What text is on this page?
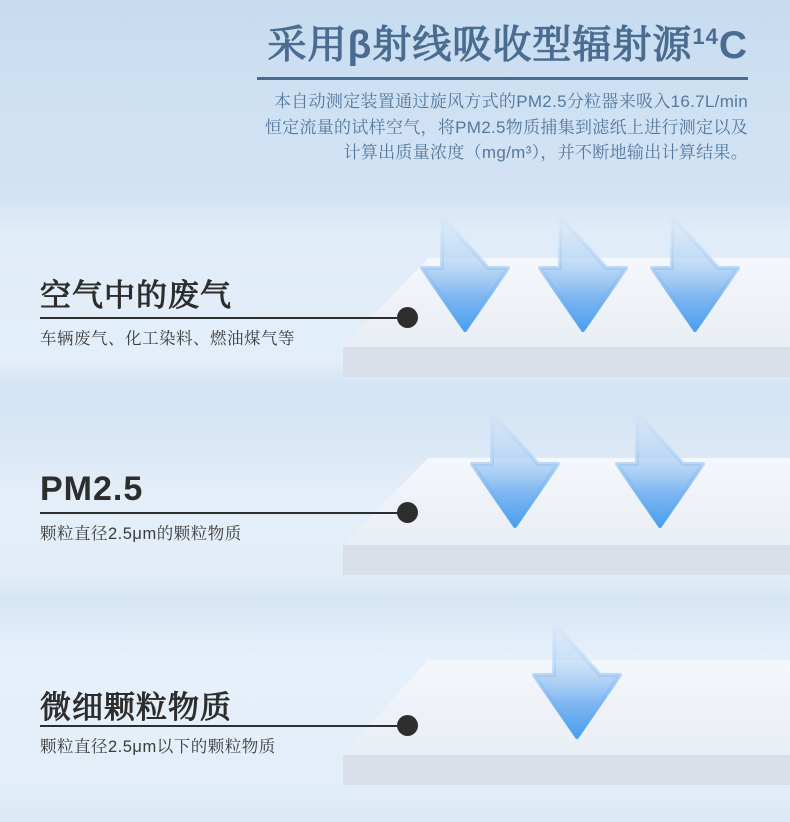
采用β射线吸收型辐射源$^{14}$C
本自动测定装置通过旋风方式的PM2.5分粒器来吸入16.7L/min
恒定流量的试样空气，将PM2.5物质捕集到滤纸上进行测定以及
计算出质量浓度（mg/m³），并不断地输出计算结果。
空气中的废气
车辆废气、化工染料、燃油煤气等
PM2.5
颗粒直径2.5μm的颗粒物质
微细颗粒物质
颗粒直径2.5μm以下的颗粒物质
